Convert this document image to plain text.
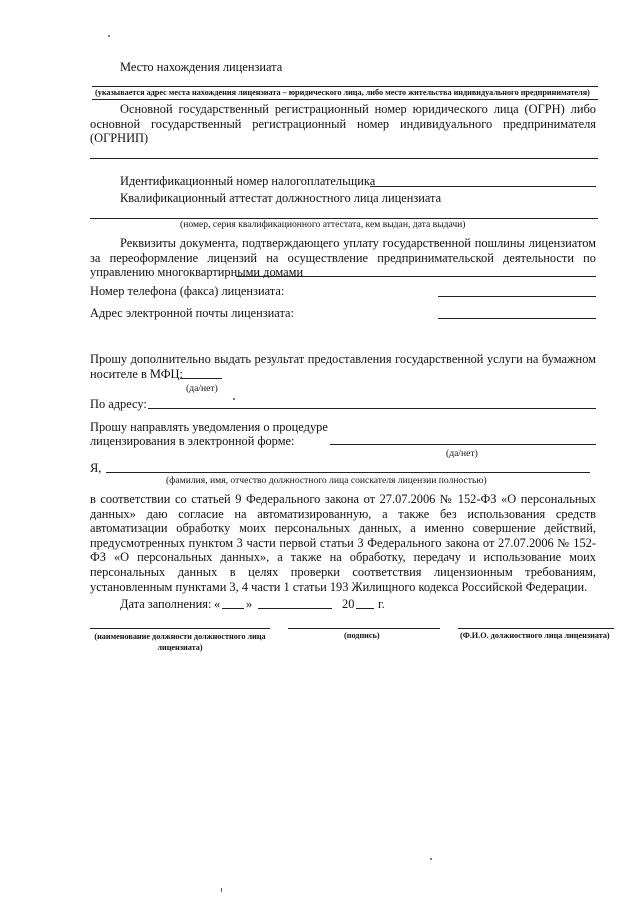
Место нахождения лицензиата
(указывается адрес места нахождения лицензиата – юридического лица, либо место жительства индивидуального предпринимателя)
Основной государственный регистрационный номер юридического лица (ОГРН) либо основной государственный регистрационный номер индивидуального предпринимателя (ОГРНИП)
Идентификационный номер налогоплательщика
Квалификационный аттестат должностного лица лицензиата
(номер, серия квалификационного аттестата, кем выдан, дата выдачи)
Реквизиты документа, подтверждающего уплату государственной пошлины лицензиатом за переоформление лицензий на осуществление предпринимательской деятельности по управлению многоквартирными домами
Номер телефона (факса) лицензиата:
Адрес электронной почты лицензиата:
Прошу дополнительно выдать результат предоставления государственной услуги на бумажном носителе в МФЦ:
(да/нет)
По адресу:
Прошу направлять уведомления о процедуре
лицензирования в электронной форме:
(да/нет)
Я,
(фамилия, имя, отчество должностного лица соискателя лицензии полностью)
в соответствии со статьей 9 Федерального закона от 27.07.2006 № 152-ФЗ «О персональных данных» даю согласие на автоматизированную, а также без использования средств автоматизации обработку моих персональных данных, а именно совершение действий, предусмотренных пунктом 3 части первой статьи 3 Федерального закона от 27.07.2006 № 152-ФЗ «О персональных данных», а также на обработку, передачу и использование моих персональных данных в целях проверки соответствия лицензионным требованиям, установленным пунктами 3, 4 части 1 статьи 193 Жилищного кодекса Российской Федерации.
Дата заполнения: « »	20 г.
(наименование должности должностного лица лицензиата)
(подпись)	(Ф.И.О. должностного лица лицензиата)
